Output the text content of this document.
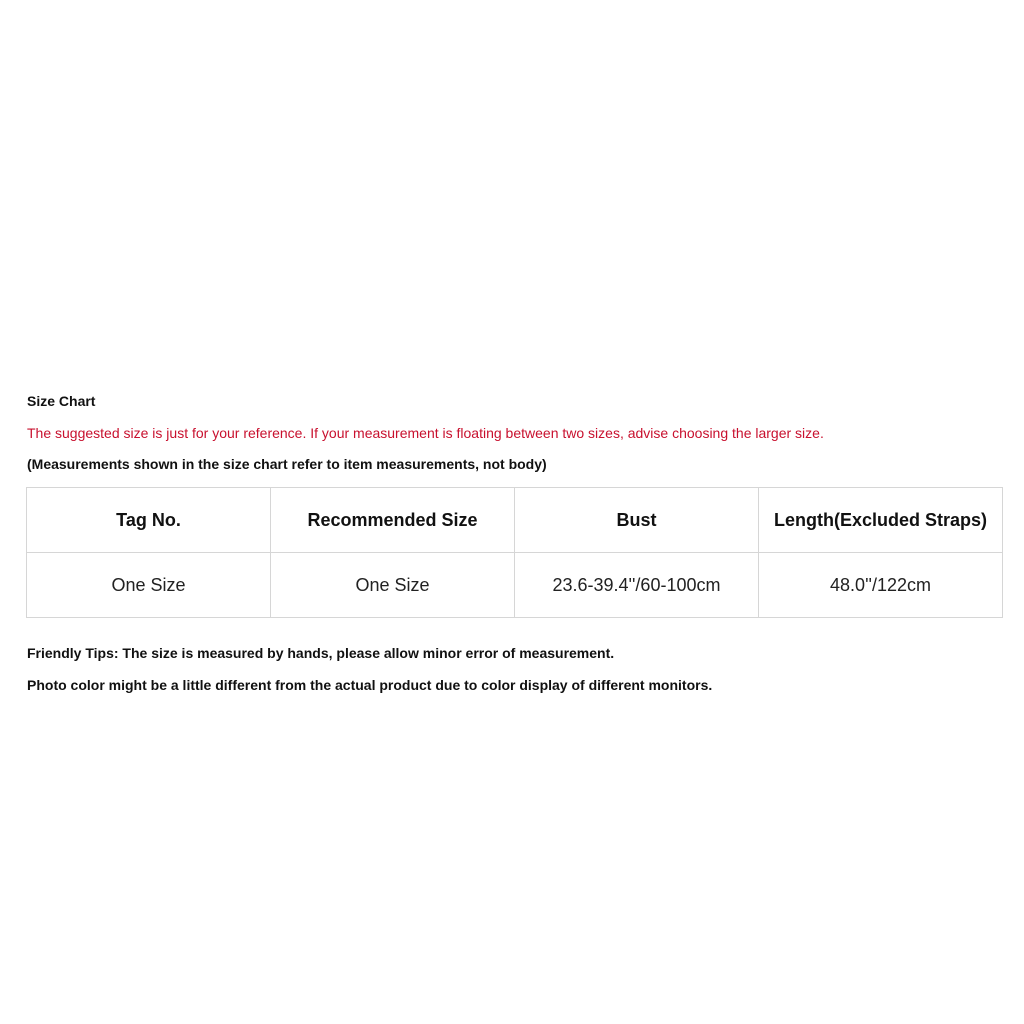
Size Chart
The suggested size is just for your reference. If your measurement is floating between two sizes, advise choosing the larger size.
(Measurements shown in the size chart refer to item measurements, not body)
Tag No.	Recommended Size	Bust	Length(Excluded Straps)
One Size	One Size	23.6-39.4''/60-100cm	48.0''/122cm
Friendly Tips: The size is measured by hands, please allow minor error of measurement.
Photo color might be a little different from the actual product due to color display of different monitors.
